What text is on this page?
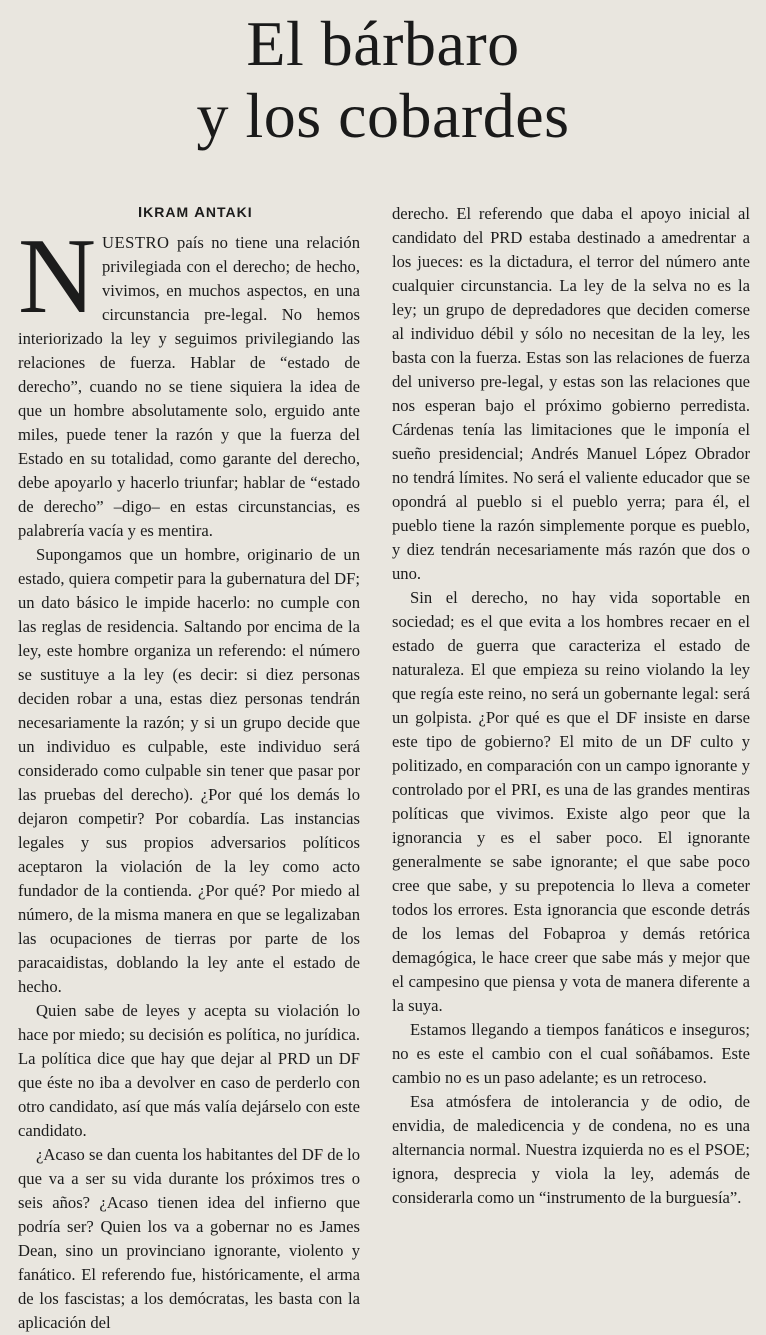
El bárbaro
y los cobardes
IKRAM ANTAKI

NUESTRO país no tiene una relación privilegiada con el derecho; de hecho, vivimos, en muchos aspectos, en una circunstancia pre-legal. No hemos interiorizado la ley y seguimos privilegiando las relaciones de fuerza. Hablar de “estado de derecho”, cuando no se tiene siquiera la idea de que un hombre absolutamente solo, erguido ante miles, puede tener la razón y que la fuerza del Estado en su totalidad, como garante del derecho, debe apoyarlo y hacerlo triunfar; hablar de “estado de derecho” –digo– en estas circunstancias, es palabrería vacía y es mentira.

Supongamos que un hombre, originario de un estado, quiera competir para la gubernatura del DF; un dato básico le impide hacerlo: no cumple con las reglas de residencia. Saltando por encima de la ley, este hombre organiza un referendo: el número se sustituye a la ley (es decir: si diez personas deciden robar a una, estas diez personas tendrán necesariamente la razón; y si un grupo decide que un individuo es culpable, este individuo será considerado como culpable sin tener que pasar por las pruebas del derecho). ¿Por qué los demás lo dejaron competir? Por cobardía. Las instancias legales y sus propios adversarios políticos aceptaron la violación de la ley como acto fundador de la contienda. ¿Por qué? Por miedo al número, de la misma manera en que se legalizaban las ocupaciones de tierras por parte de los paracaidistas, doblando la ley ante el estado de hecho.

Quien sabe de leyes y acepta su violación lo hace por miedo; su decisión es política, no jurídica. La política dice que hay que dejar al PRD un DF que éste no iba a devolver en caso de perderlo con otro candidato, así que más valía dejárselo con este candidato.

¿Acaso se dan cuenta los habitantes del DF de lo que va a ser su vida durante los próximos tres o seis años? ¿Acaso tienen idea del infierno que podría ser? Quien los va a gobernar no es James Dean, sino un provinciano ignorante, violento y fanático. El referendo fue, históricamente, el arma de los fascistas; a los demócratas, les basta con la aplicación del

derecho. El referendo que daba el apoyo inicial al candidato del PRD estaba destinado a amedrentar a los jueces: es la dictadura, el terror del número ante cualquier circunstancia. La ley de la selva no es la ley; un grupo de depredadores que deciden comerse al individuo débil y sólo no necesitan de la ley, les basta con la fuerza. Estas son las relaciones de fuerza del universo pre-legal, y estas son las relaciones que nos esperan bajo el próximo gobierno perredista. Cárdenas tenía las limitaciones que le imponía el sueño presidencial; Andrés Manuel López Obrador no tendrá límites. No será el valiente educador que se opondrá al pueblo si el pueblo yerra; para él, el pueblo tiene la razón simplemente porque es pueblo, y diez tendrán necesariamente más razón que dos o uno.

Sin el derecho, no hay vida soportable en sociedad; es el que evita a los hombres recaer en el estado de guerra que caracteriza el estado de naturaleza. El que empieza su reino violando la ley que regía este reino, no será un gobernante legal: será un golpista. ¿Por qué es que el DF insiste en darse este tipo de gobierno? El mito de un DF culto y politizado, en comparación con un campo ignorante y controlado por el PRI, es una de las grandes mentiras políticas que vivimos. Existe algo peor que la ignorancia y es el saber poco. El ignorante generalmente se sabe ignorante; el que sabe poco cree que sabe, y su prepotencia lo lleva a cometer todos los errores. Esta ignorancia que esconde detrás de los lemas del Fobaproa y demás retórica demagógica, le hace creer que sabe más y mejor que el campesino que piensa y vota de manera diferente a la suya.

Estamos llegando a tiempos fanáticos e inseguros; no es este el cambio con el cual soñábamos. Este cambio no es un paso adelante; es un retroceso.

Esa atmósfera de intolerancia y de odio, de envidia, de maledicencia y de condena, no es una alternancia normal. Nuestra izquierda no es el PSOE; ignora, desprecia y viola la ley, además de considerarla como un “instrumento de la burguesía”.
